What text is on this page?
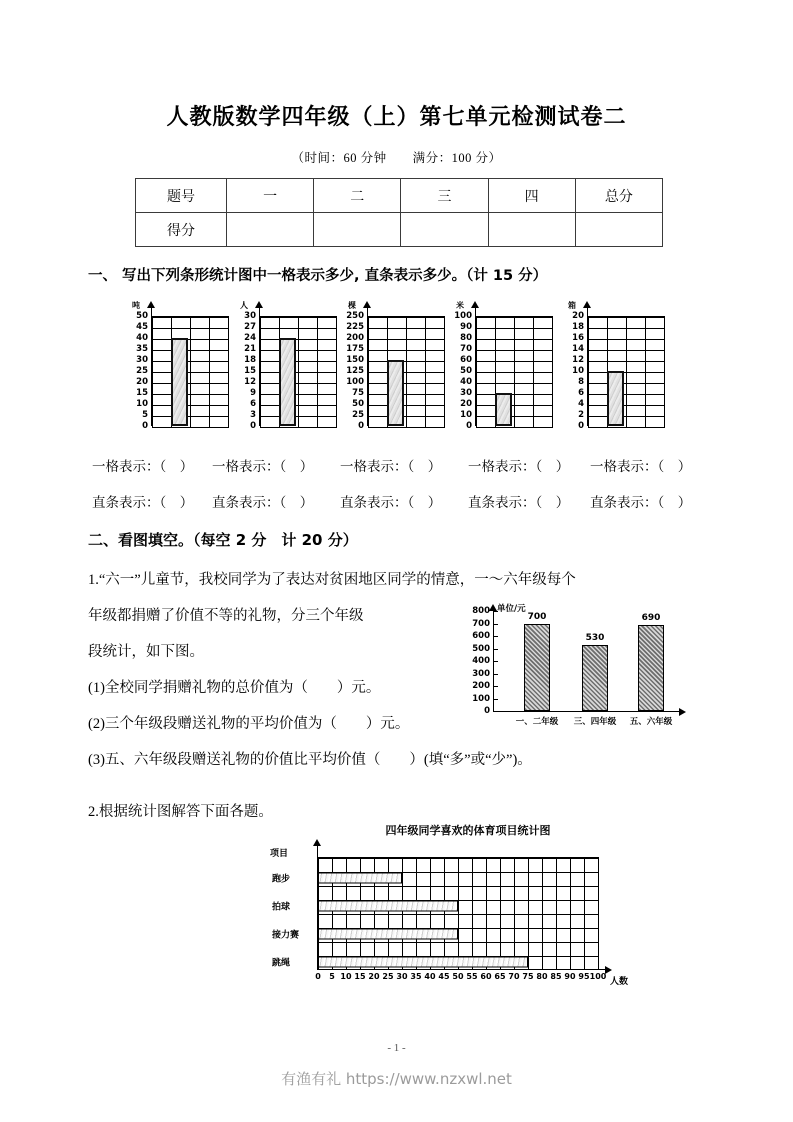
人教版数学四年级（上）第七单元检测试卷二
（时间：60 分钟 满分：100 分）
题号	一	二	三	四	总分
得分					
一、 写出下列条形统计图中一格表示多少, 直条表示多少。（计 15 分）
吨
50
45
40
35
30
25
20
15
10
5
0
人
30
27
24
21
18
15
12
9
6
3
0
棵
250
225
200
175
150
125
100
75
50
25
0
米
100
90
80
70
60
50
40
30
20
10
0
箱
20
18
16
14
12
10
8
6
4
2
0
一格表示：（　） 一格表示：（　） 一格表示：（　） 一格表示：（　） 一格表示：（　）
直条表示：（　） 直条表示：（　） 直条表示：（　） 直条表示：（　） 直条表示：（　）
二、看图填空。（每空 2 分　计 20 分）
1.“六一”儿童节，我校同学为了表达对贫困地区同学的情意，一～六年级每个
年级都捐赠了价值不等的礼物，分三个年级
段统计，如下图。
(1)全校同学捐赠礼物的总价值为（　　）元。
(2)三个年级段赠送礼物的平均价值为（　　）元。
(3)五、六年级段赠送礼物的价值比平均价值（　　）(填“多”或“少”)。
2.根据统计图解答下面各题。
单位/元
800
700
600
500
400
300
200
100
0
700
530
690
一、二年级 三、四年级 五、六年级
四年级同学喜欢的体育项目统计图
项目
人数
跑步
拍球
接力赛
跳绳
0 5 10 15 20 25 30 35 40 45 50 55 60 65 70 75 80 85 90 95 100
- 1 -
有渔有礼 https://www.nzxwl.net
